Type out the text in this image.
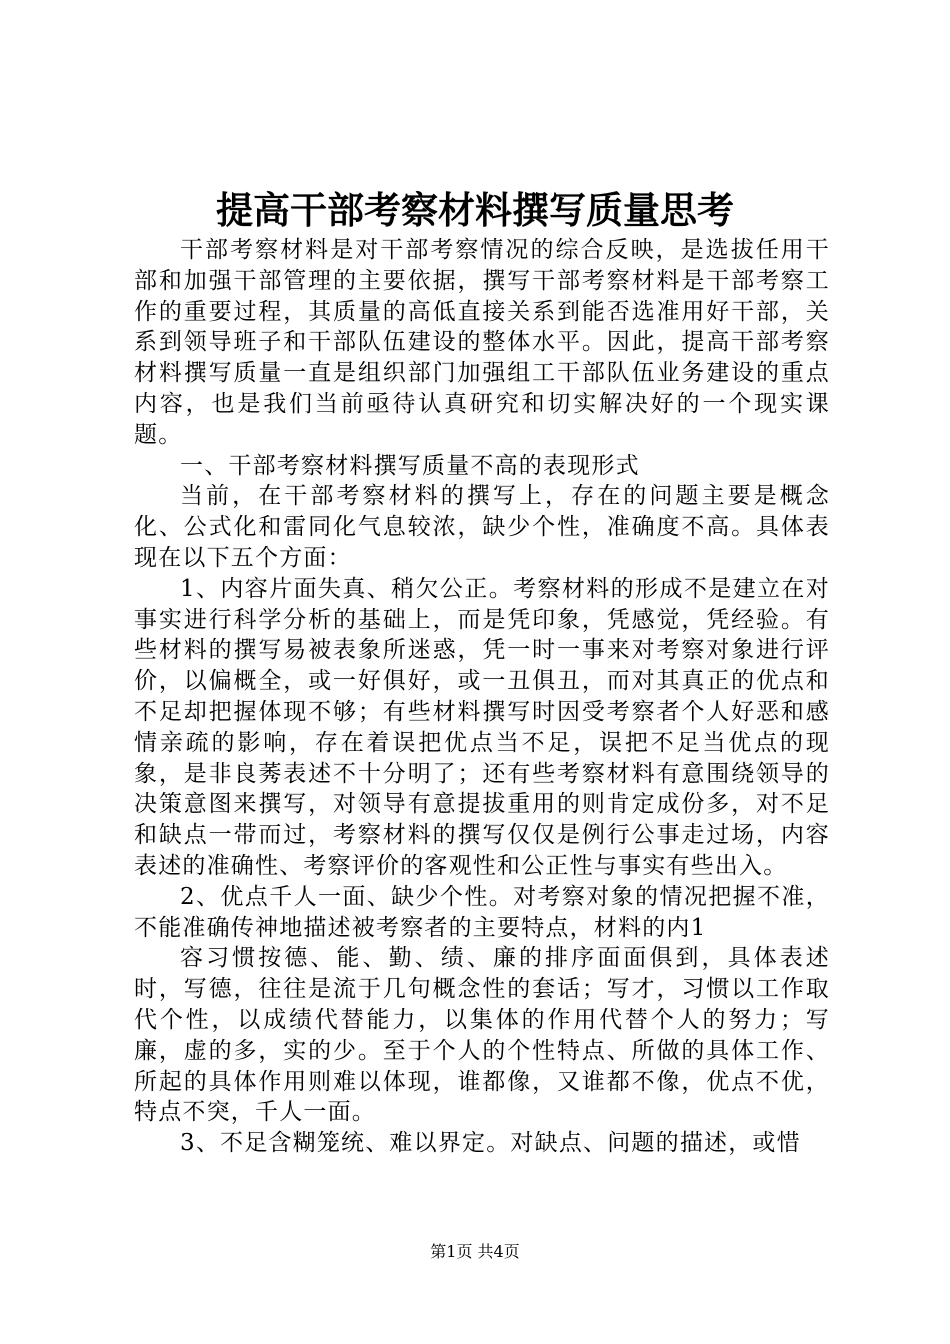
提高干部考察材料撰写质量思考

干部考察材料是对干部考察情况的综合反映，是选拔任用干部和加强干部管理的主要依据，撰写干部考察材料是干部考察工作的重要过程，其质量的高低直接关系到能否选准用好干部，关系到领导班子和干部队伍建设的整体水平。因此，提高干部考察材料撰写质量一直是组织部门加强组工干部队伍业务建设的重点内容，也是我们当前亟待认真研究和切实解决好的一个现实课题。

一、干部考察材料撰写质量不高的表现形式

当前，在干部考察材料的撰写上，存在的问题主要是概念化、公式化和雷同化气息较浓，缺少个性，准确度不高。具体表现在以下五个方面：

1、内容片面失真、稍欠公正。考察材料的形成不是建立在对事实进行科学分析的基础上，而是凭印象，凭感觉，凭经验。有些材料的撰写易被表象所迷惑，凭一时一事来对考察对象进行评价，以偏概全，或一好俱好，或一丑俱丑，而对其真正的优点和不足却把握体现不够；有些材料撰写时因受考察者个人好恶和感情亲疏的影响，存在着误把优点当不足，误把不足当优点的现象，是非良莠表述不十分明了；还有些考察材料有意围绕领导的决策意图来撰写，对领导有意提拔重用的则肯定成份多，对不足和缺点一带而过，考察材料的撰写仅仅是例行公事走过场，内容表述的准确性、考察评价的客观性和公正性与事实有些出入。

2、优点千人一面、缺少个性。对考察对象的情况把握不准，不能准确传神地描述被考察者的主要特点，材料的内1

容习惯按德、能、勤、绩、廉的排序面面俱到，具体表述时，写德，往往是流于几句概念性的套话；写才，习惯以工作取代个性，以成绩代替能力，以集体的作用代替个人的努力；写廉，虚的多，实的少。至于个人的个性特点、所做的具体工作、所起的具体作用则难以体现，谁都像，又谁都不像，优点不优，特点不突，千人一面。

3、不足含糊笼统、难以界定。对缺点、问题的描述，或惜

第1页 共4页
